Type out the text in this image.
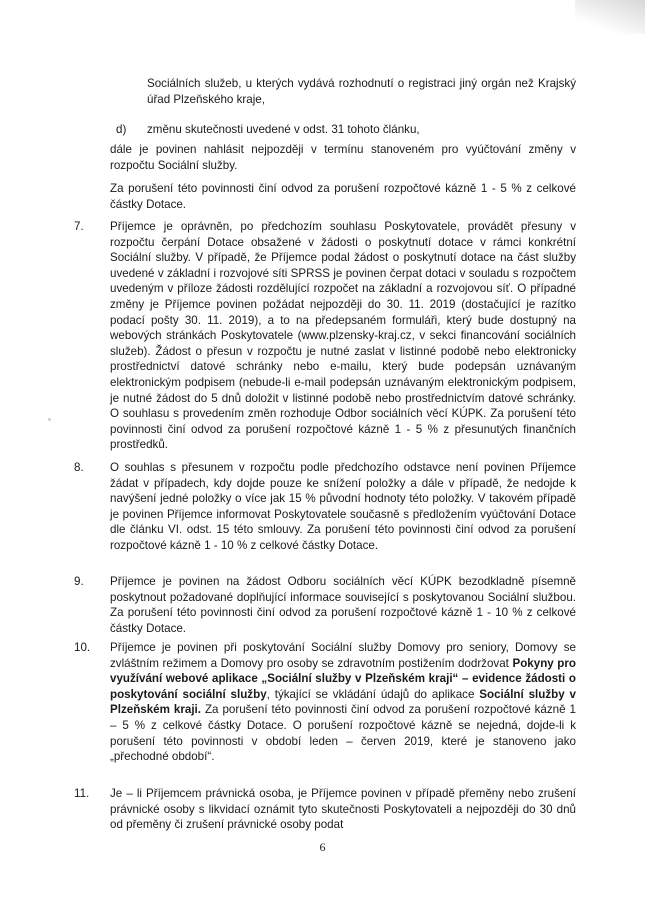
Sociálních služeb, u kterých vydává rozhodnutí o registraci jiný orgán než Krajský úřad Plzeňského kraje,
d)	změnu skutečnosti uvedené v odst. 31 tohoto článku,
dále je povinen nahlásit nejpozději v termínu stanoveném pro vyúčtování změny v rozpočtu Sociální služby.
Za porušení této povinnosti činí odvod za porušení rozpočtové kázně 1 - 5 % z celkové částky Dotace.
7.	Příjemce je oprávněn, po předchozím souhlasu Poskytovatele, provádět přesuny v rozpočtu čerpání Dotace obsažené v žádosti o poskytnutí dotace v rámci konkrétní Sociální služby. V případě, že Příjemce podal žádost o poskytnutí dotace na část služby uvedené v základní i rozvojové síti SPRSS je povinen čerpat dotaci v souladu s rozpočtem uvedeným v příloze žádosti rozdělující rozpočet na základní a rozvojovou síť. O případné změny je Příjemce povinen požádat nejpozději do 30. 11. 2019 (dostačující je razítko podací pošty 30. 11. 2019), a to na předepsaném formuláři, který bude dostupný na webových stránkách Poskytovatele (www.plzensky-kraj.cz, v sekci financování sociálních služeb). Žádost o přesun v rozpočtu je nutné zaslat v listinné podobě nebo elektronicky prostřednictví datové schránky nebo e-mailu, který bude podepsán uznávaným elektronickým podpisem (nebude-li e-mail podepsán uznávaným elektronickým podpisem, je nutné žádost do 5 dnů doložit v listinné podobě nebo prostřednictvím datové schránky. O souhlasu s provedením změn rozhoduje Odbor sociálních věcí KÚPK. Za porušení této povinnosti činí odvod za porušení rozpočtové kázně 1 - 5 % z přesunutých finančních prostředků.
8.	O souhlas s přesunem v rozpočtu podle předchozího odstavce není povinen Příjemce žádat v případech, kdy dojde pouze ke snížení položky a dále v případě, že nedojde k navýšení jedné položky o více jak 15 % původní hodnoty této položky. V takovém případě je povinen Příjemce informovat Poskytovatele současně s předložením vyúčtování Dotace dle článku VI. odst. 15 této smlouvy. Za porušení této povinnosti činí odvod za porušení rozpočtové kázně 1 - 10 % z celkové částky Dotace.
9.	Příjemce je povinen na žádost Odboru sociálních věcí KÚPK bezodkladně písemně poskytnout požadované doplňující informace související s poskytovanou Sociální službou. Za porušení této povinnosti činí odvod za porušení rozpočtové kázně 1 - 10 % z celkové částky Dotace.
10.	Příjemce je povinen při poskytování Sociální služby Domovy pro seniory, Domovy se zvláštním režimem a Domovy pro osoby se zdravotním postižením dodržovat Pokyny pro využívání webové aplikace „Sociální služby v Plzeňském kraji“ – evidence žádosti o poskytování sociální služby, týkající se vkládání údajů do aplikace Sociální služby v Plzeňském kraji. Za porušení této povinnosti činí odvod za porušení rozpočtové kázně 1 – 5 % z celkové částky Dotace. O porušení rozpočtové kázně se nejedná, dojde-li k porušení této povinnosti v období leden – červen 2019, které je stanoveno jako „přechodné období“.
11.	Je – li Příjemcem právnická osoba, je Příjemce povinen v případě přeměny nebo zrušení právnické osoby s likvidací oznámit tyto skutečnosti Poskytovateli a nejpozději do 30 dnů od přeměny či zrušení právnické osoby podat
6
